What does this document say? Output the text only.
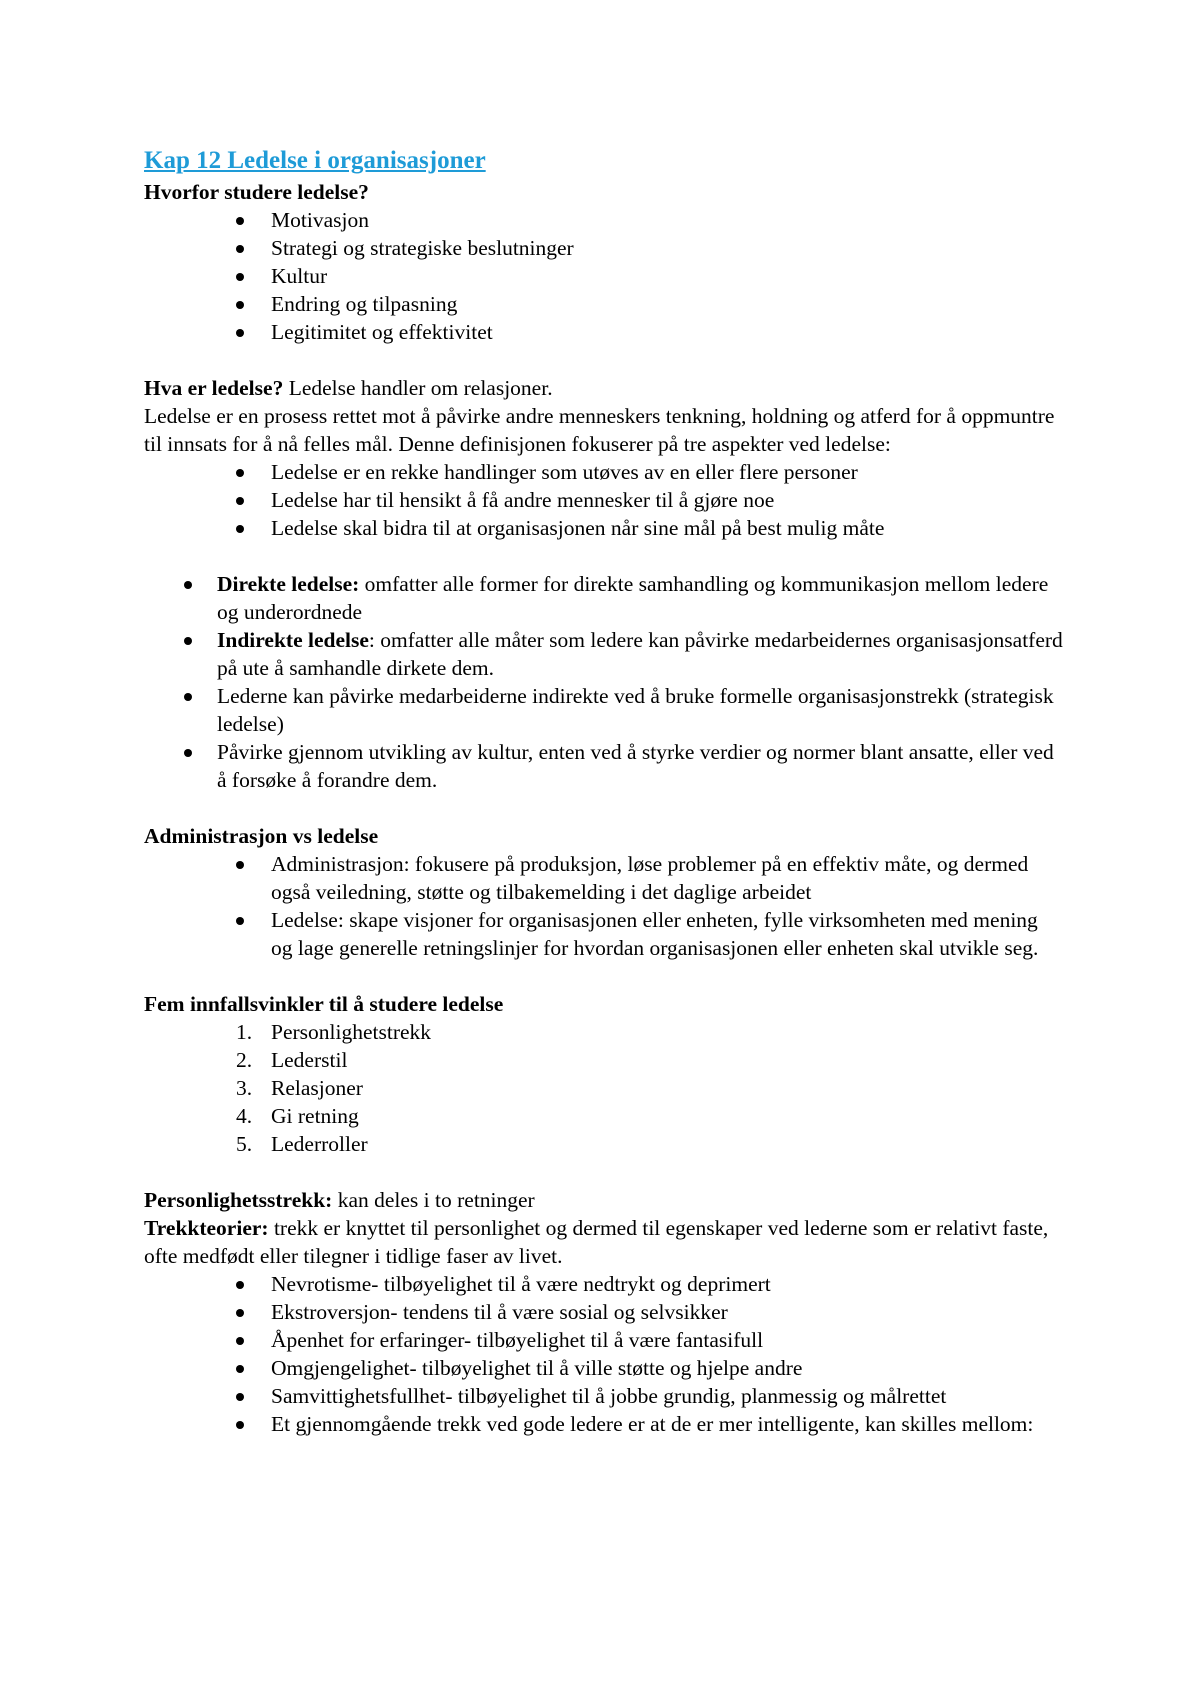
Kap 12 Ledelse i organisasjoner

Hvorfor studere ledelse?

Motivasjon
Strategi og strategiske beslutninger
Kultur
Endring og tilpasning
Legitimitet og effektivitet

Hva er ledelse? Ledelse handler om relasjoner.

Ledelse er en prosess rettet mot å påvirke andre menneskers tenkning, holdning og atferd for å oppmuntre til innsats for å nå felles mål. Denne definisjonen fokuserer på tre aspekter ved ledelse:

Ledelse er en rekke handlinger som utøves av en eller flere personer
Ledelse har til hensikt å få andre mennesker til å gjøre noe
Ledelse skal bidra til at organisasjonen når sine mål på best mulig måte
Direkte ledelse: omfatter alle former for direkte samhandling og kommunikasjon mellom ledere og underordnede
Indirekte ledelse: omfatter alle måter som ledere kan påvirke medarbeidernes organisasjonsatferd på ute å samhandle dirkete dem.
Lederne kan påvirke medarbeiderne indirekte ved å bruke formelle organisasjonstrekk (strategisk ledelse)
Påvirke gjennom utvikling av kultur, enten ved å styrke verdier og normer blant ansatte, eller ved å forsøke å forandre dem.

Administrasjon vs ledelse

Administrasjon: fokusere på produksjon, løse problemer på en effektiv måte, og dermed også veiledning, støtte og tilbakemelding i det daglige arbeidet
Ledelse: skape visjoner for organisasjonen eller enheten, fylle virksomheten med mening og lage generelle retningslinjer for hvordan organisasjonen eller enheten skal utvikle seg.

Fem innfallsvinkler til å studere ledelse

1. Personlighetstrekk
2. Lederstil
3. Relasjoner
4. Gi retning
5. Lederroller

Personlighetsstrekk: kan deles i to retninger

Trekkteorier: trekk er knyttet til personlighet og dermed til egenskaper ved lederne som er relativt faste, ofte medfødt eller tilegner i tidlige faser av livet.

Nevrotisme- tilbøyelighet til å være nedtrykt og deprimert
Ekstroversjon- tendens til å være sosial og selvsikker
Åpenhet for erfaringer- tilbøyelighet til å være fantasifull
Omgjengelighet- tilbøyelighet til å ville støtte og hjelpe andre
Samvittighetsfullhet- tilbøyelighet til å jobbe grundig, planmessig og målrettet
Et gjennomgående trekk ved gode ledere er at de er mer intelligente, kan skilles mellom:
